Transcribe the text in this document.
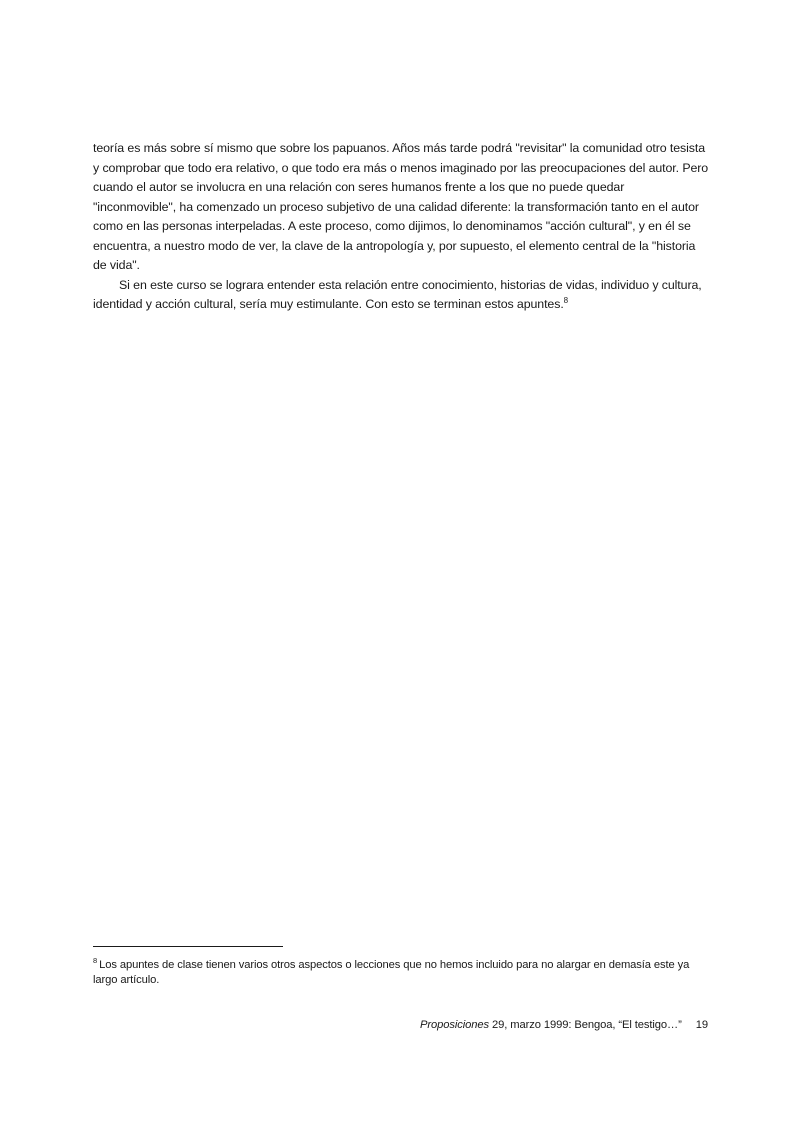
teoría es más sobre sí mismo que sobre los papuanos. Años más tarde podrá "revisitar" la comunidad otro tesista y comprobar que todo era relativo, o que todo era más o menos imaginado por las preocupaciones del autor. Pero cuando el autor se involucra en una relación con seres humanos frente a los que no puede quedar "inconmovible", ha comenzado un proceso subjetivo de una calidad diferente: la transformación tanto en el autor como en las personas interpeladas. A este proceso, como dijimos, lo denominamos "acción cultural", y en él se encuentra, a nuestro modo de ver, la clave de la antropología y, por supuesto, el elemento central de la "historia de vida".

Si en este curso se lograra entender esta relación entre conocimiento, historias de vidas, individuo y cultura, identidad y acción cultural, sería muy estimulante. Con esto se terminan estos apuntes.$^8$

$^8$ Los apuntes de clase tienen varios otros aspectos o lecciones que no hemos incluido para no alargar en demasía este ya largo artículo.
Proposiciones 29, marzo 1999: Bengoa, “El testigo…” 19
